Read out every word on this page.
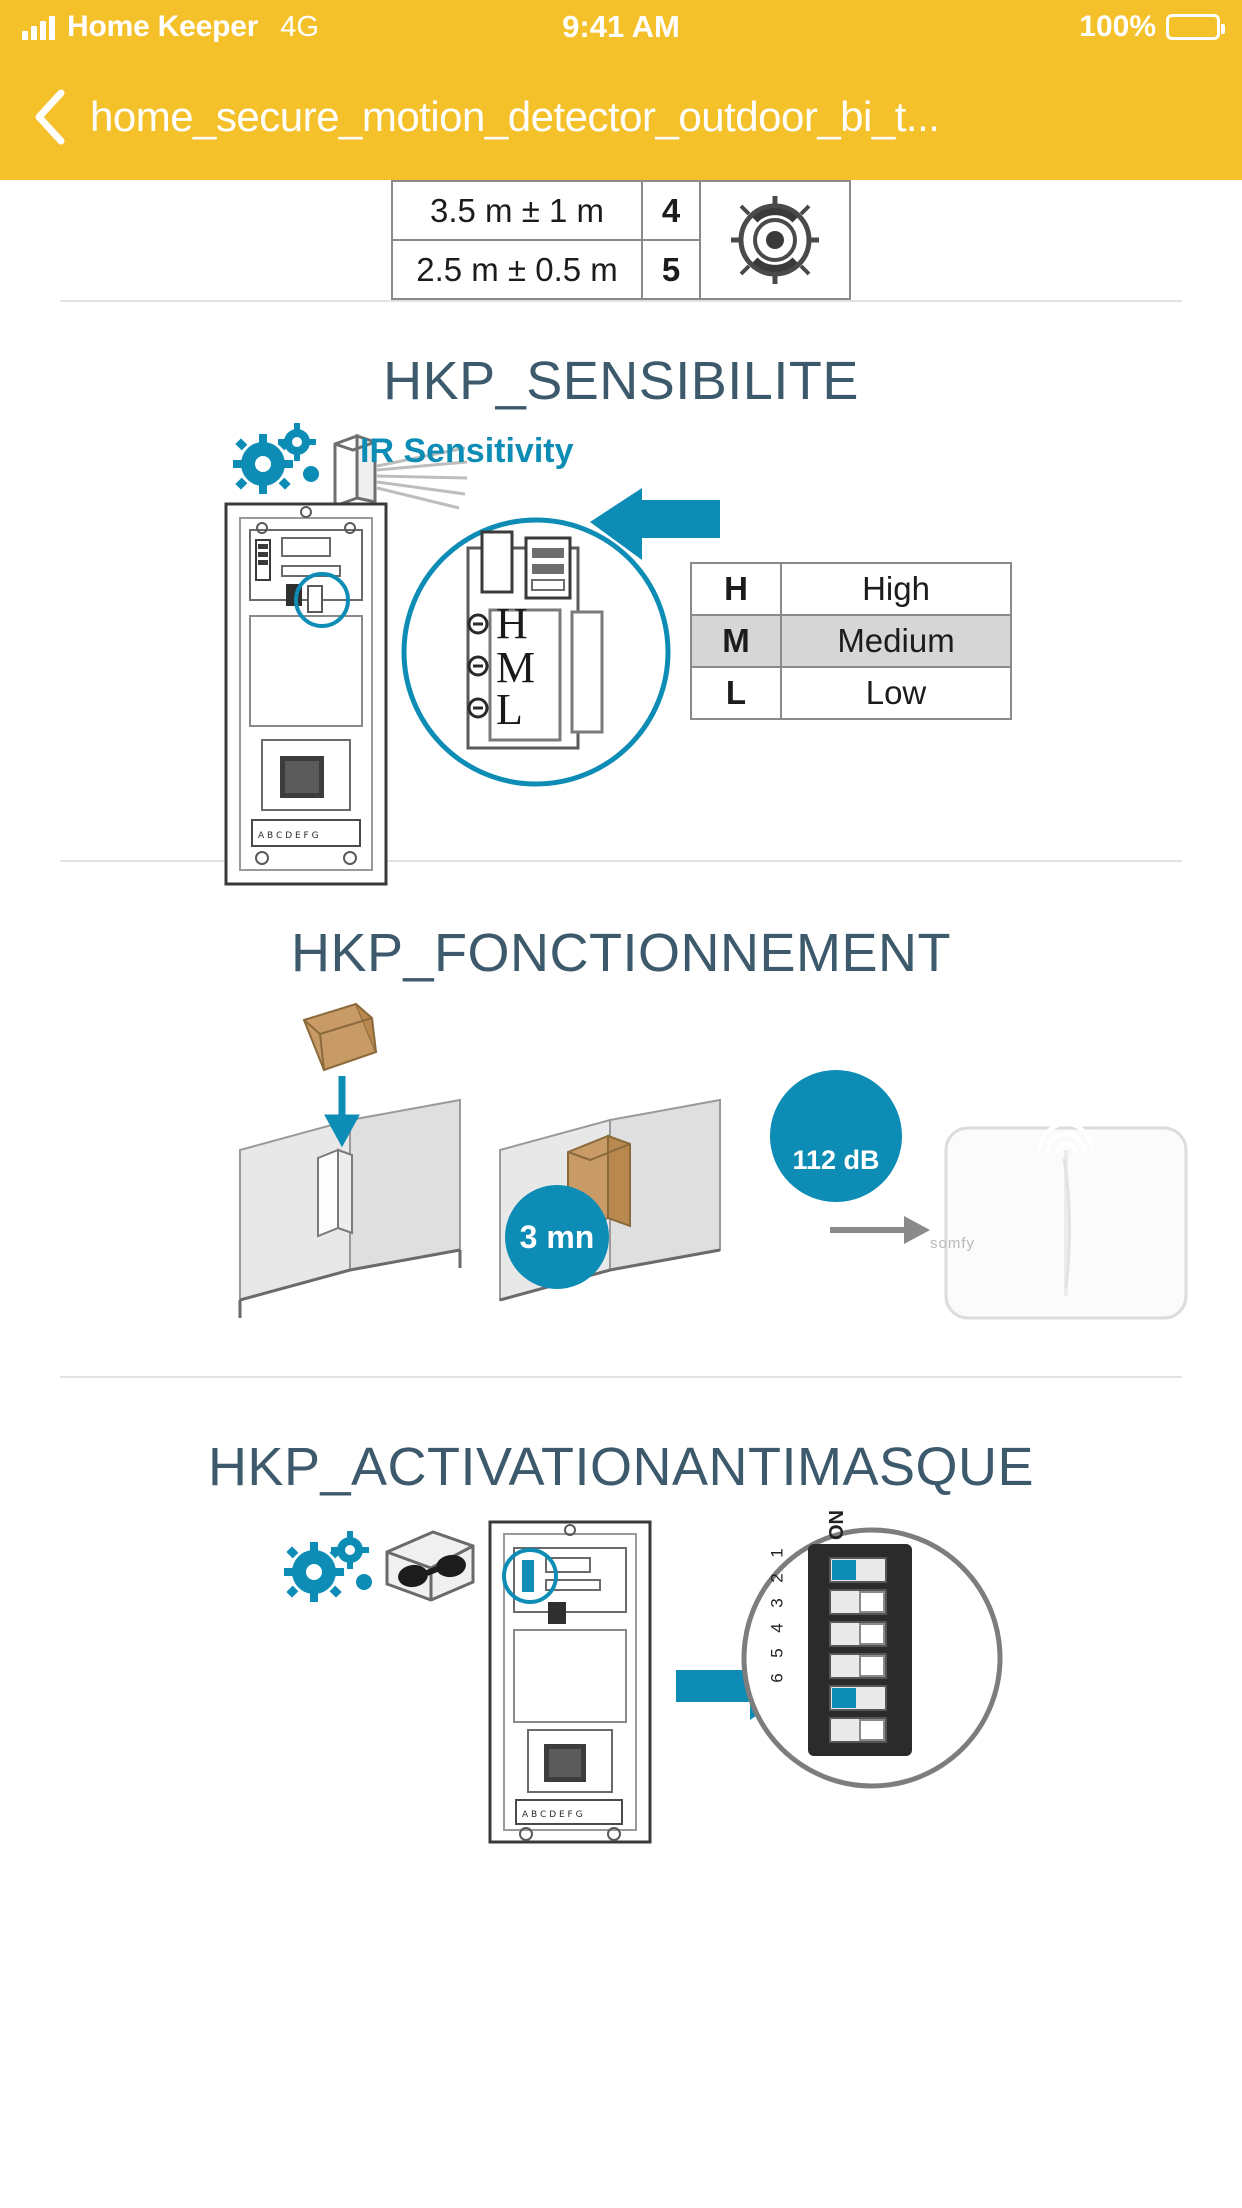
Home Keeper 4G	9:41 AM	100%
home_secure_motion_detector_outdoor_bi_t...
3.5 m ± 1 m	4	

2.5 m ± 0.5 m	5	
HKP_SENSIBILITE
IR Sensitivity
A B C D E F G
H
M
L
H	High
M	Medium
L	Low
HKP_FONCTIONNEMENT
3 mn
112 dB
somfy
HKP_ACTIVATIONANTIMASQUE
A B C D E F G
ON
1
2
3
4
5
6
